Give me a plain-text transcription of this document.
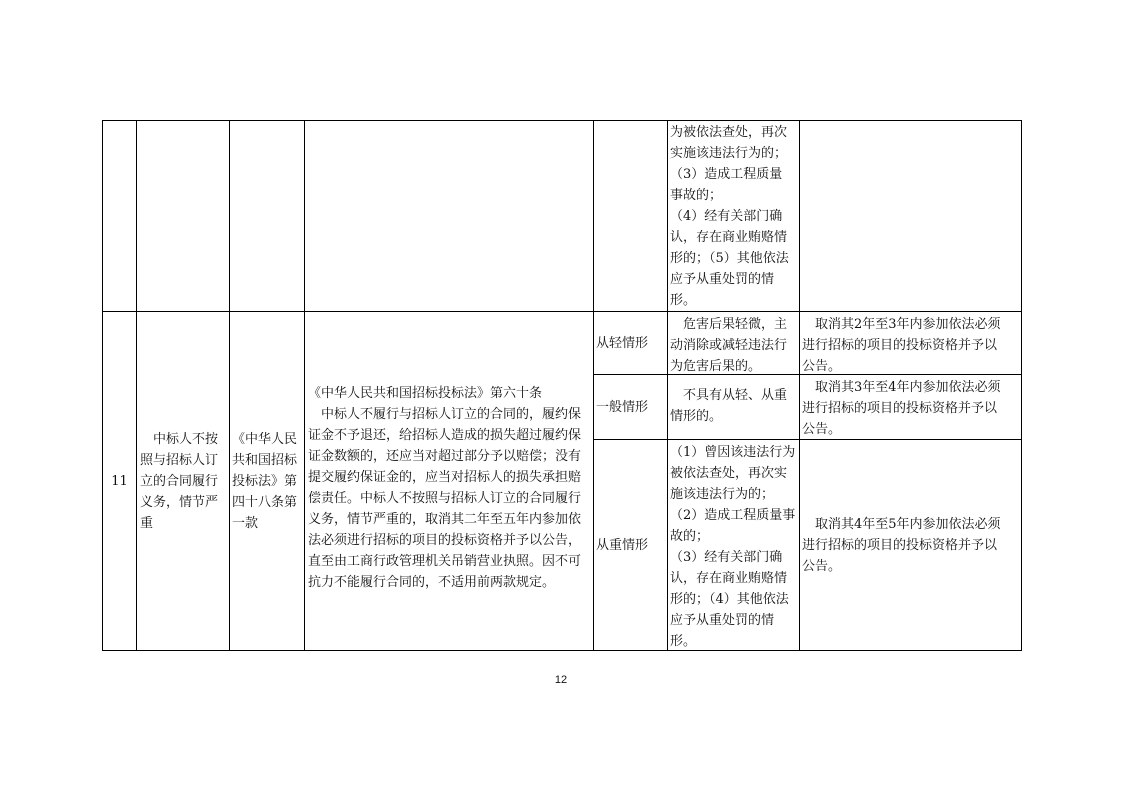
为被依法查处，再次
实施该违法行为的；
（3）造成工程质量
事故的；
（4）经有关部门确
认，存在商业贿赂情
形的；（5）其他依法
应予从重处罚的情
形。
11
　中标人不按
照与招标人订
立的合同履行
义务，情节严
重
《中华人民
共和国招标
投标法》第
四十八条第
一款
《中华人民共和国招标投标法》第六十条
　中标人不履行与招标人订立的合同的，履约保
证金不予退还，给招标人造成的损失超过履约保
证金数额的，还应当对超过部分予以赔偿；没有
提交履约保证金的，应当对招标人的损失承担赔
偿责任。中标人不按照与招标人订立的合同履行
义务，情节严重的，取消其二年至五年内参加依
法必须进行招标的项目的投标资格并予以公告，
直至由工商行政管理机关吊销营业执照。因不可
抗力不能履行合同的，不适用前两款规定。
从轻情形
　危害后果轻微，主
动消除或减轻违法行
为危害后果的。
　取消其2年至3年内参加依法必须
进行招标的项目的投标资格并予以
公告。
一般情形
　不具有从轻、从重
情形的。
　取消其3年至4年内参加依法必须
进行招标的项目的投标资格并予以
公告。
从重情形
（1）曾因该违法行为
被依法查处，再次实
施该违法行为的；
（2）造成工程质量事
故的；
（3）经有关部门确
认，存在商业贿赂情
形的；（4）其他依法
应予从重处罚的情
形。
　取消其4年至5年内参加依法必须
进行招标的项目的投标资格并予以
公告。
12
